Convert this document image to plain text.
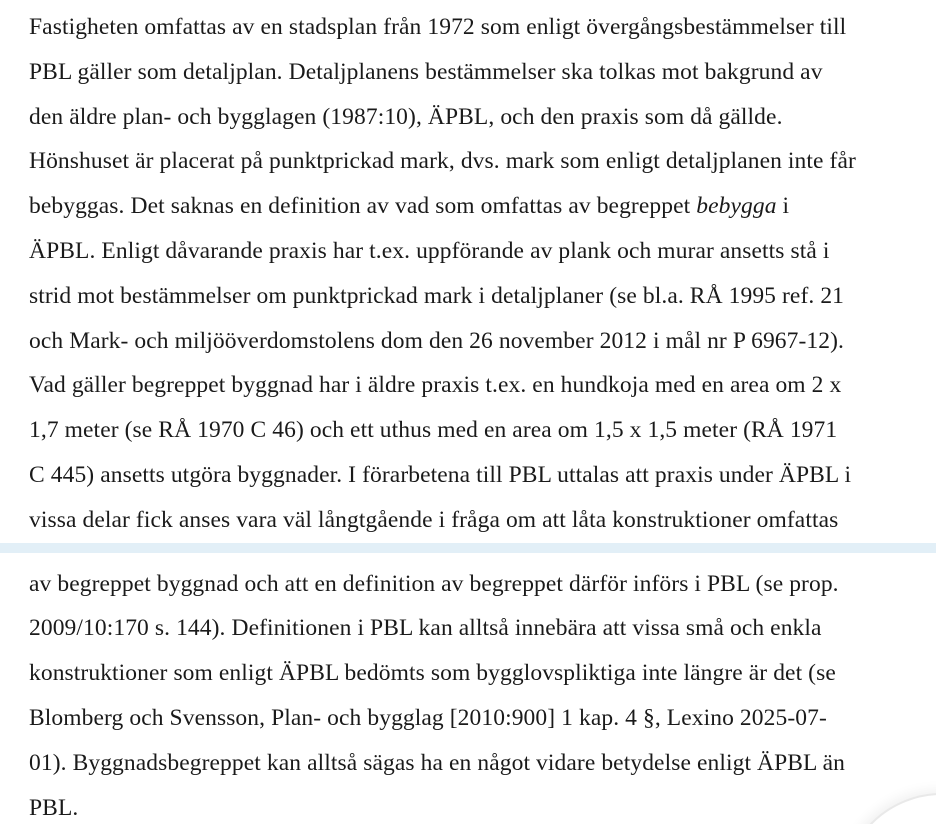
Fastigheten omfattas av en stadsplan från 1972 som enligt övergångsbestämmelser till
PBL gäller som detaljplan. Detaljplanens bestämmelser ska tolkas mot bakgrund av
den äldre plan- och bygglagen (1987:10), ÄPBL, och den praxis som då gällde.
Hönshuset är placerat på punktprickad mark, dvs. mark som enligt detaljplanen inte får
bebyggas. Det saknas en definition av vad som omfattas av begreppet bebygga i
ÄPBL. Enligt dåvarande praxis har t.ex. uppförande av plank och murar ansetts stå i
strid mot bestämmelser om punktprickad mark i detaljplaner (se bl.a. RÅ 1995 ref. 21
och Mark- och miljööverdomstolens dom den 26 november 2012 i mål nr P 6967-12).
Vad gäller begreppet byggnad har i äldre praxis t.ex. en hundkoja med en area om 2 x
1,7 meter (se RÅ 1970 C 46) och ett uthus med en area om 1,5 x 1,5 meter (RÅ 1971
C 445) ansetts utgöra byggnader. I förarbetena till PBL uttalas att praxis under ÄPBL i
vissa delar fick anses vara väl långtgående i fråga om att låta konstruktioner omfattas
av begreppet byggnad och att en definition av begreppet därför införs i PBL (se prop.
2009/10:170 s. 144). Definitionen i PBL kan alltså innebära att vissa små och enkla
konstruktioner som enligt ÄPBL bedömts som bygglovspliktiga inte längre är det (se
Blomberg och Svensson, Plan- och bygglag [2010:900] 1 kap. 4 §, Lexino 2025-07-
01). Byggnadsbegreppet kan alltså sägas ha en något vidare betydelse enligt ÄPBL än
PBL.
